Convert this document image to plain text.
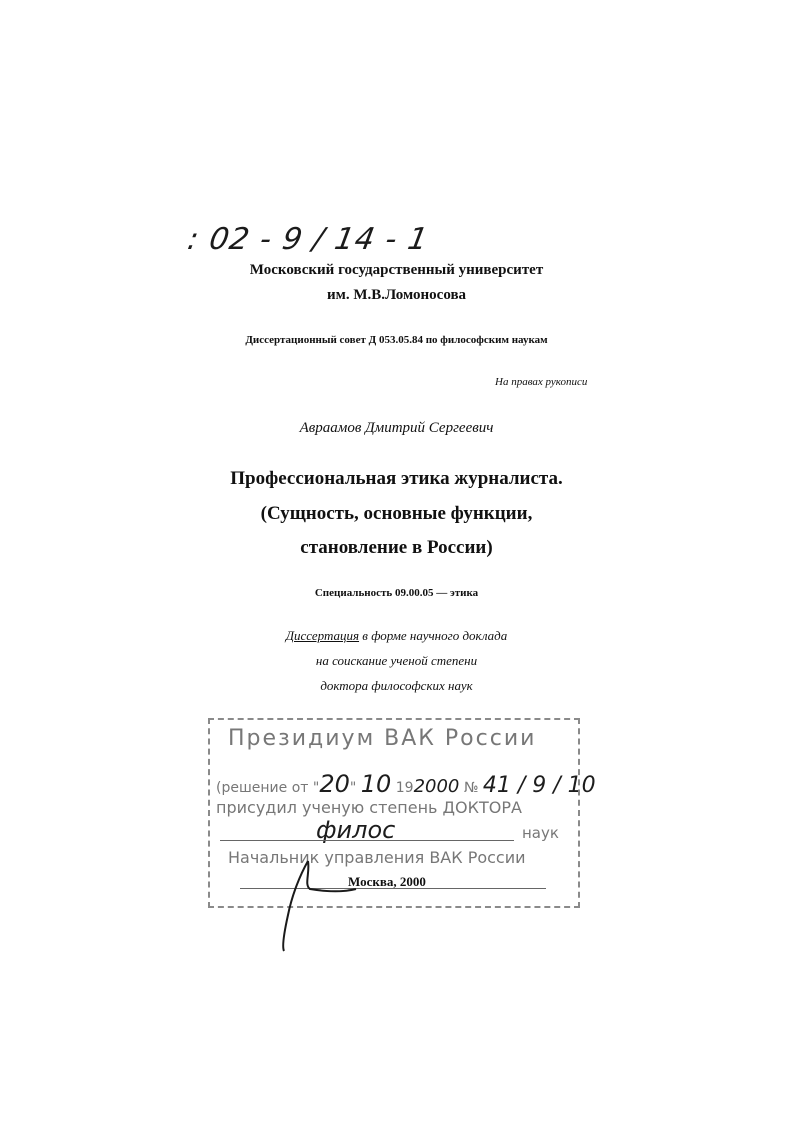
: 02 - 9 / 14 - 1
Московский государственный университет
им. М.В.Ломоносова
Диссертационный совет Д 053.05.84 по философским наукам
На правах рукописи
Авраамов Дмитрий Сергеевич
Профессиональная этика журналиста.
(Сущность, основные функции,
становление в России)
Специальность 09.00.05 — этика
Диссертация в форме научного доклада
на соискание ученой степени
доктора философских наук
Президиум ВАК России
(решение от "20" 10 192000 № 41 / 9 / 10
присудил ученую степень ДОКТОРА
филос	наук
Начальник управления ВАК России
Москва, 2000
